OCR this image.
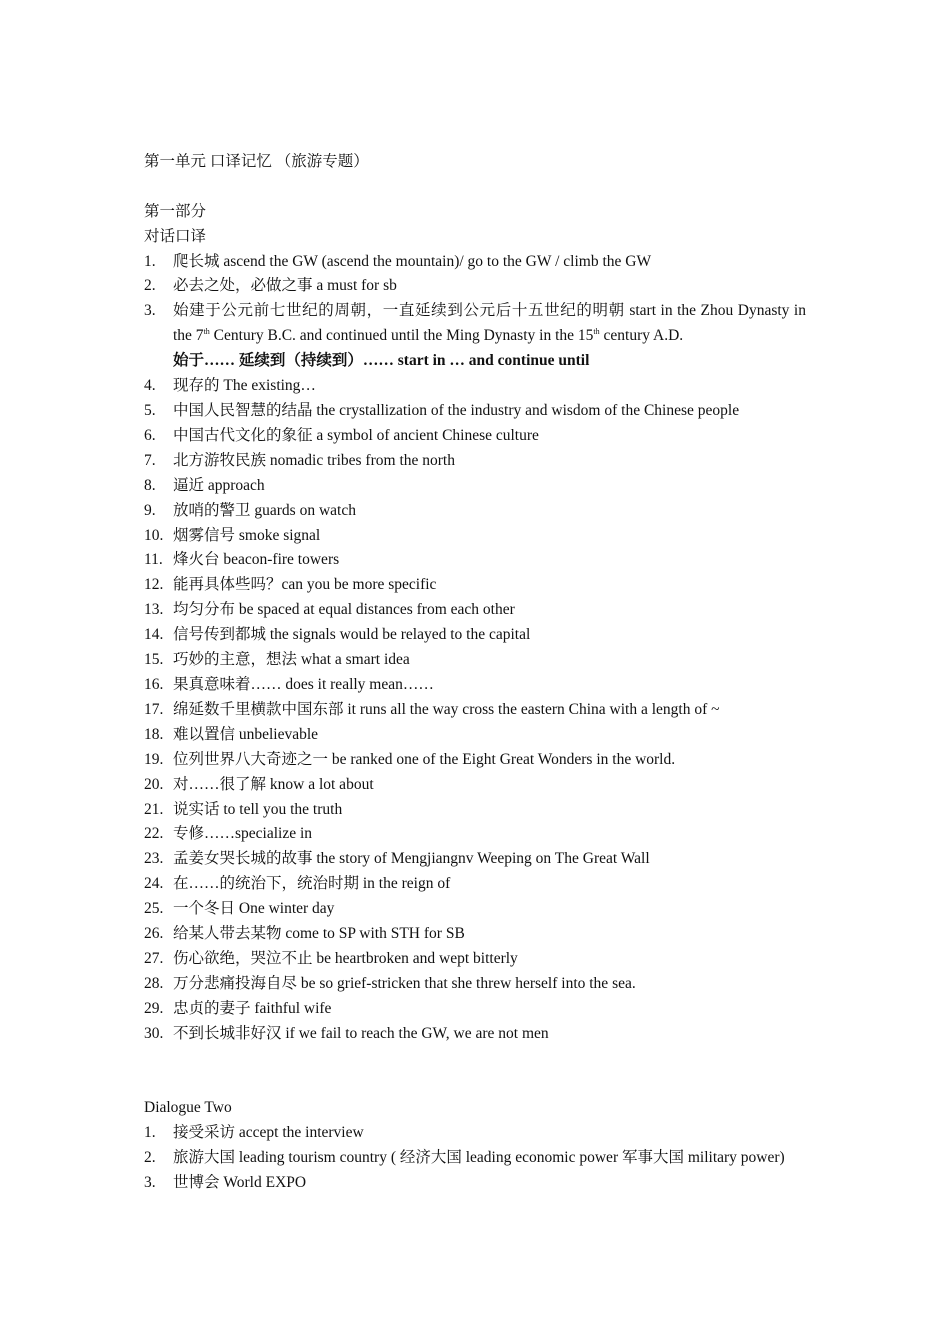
第一单元 口译记忆 （旅游专题）
第一部分
对话口译
1. 爬长城 ascend the GW (ascend the mountain)/ go to the GW / climb the GW
2. 必去之处，必做之事 a must for sb
3. 始建于公元前七世纪的周朝，一直延续到公元后十五世纪的明朝 start in the Zhou Dynasty in the 7th Century B.C. and continued until the Ming Dynasty in the 15th century A.D.
始于…… 延续到（持续到）…… start in … and continue until
4. 现存的 The existing…
5. 中国人民智慧的结晶 the crystallization of the industry and wisdom of the Chinese people
6. 中国古代文化的象征 a symbol of ancient Chinese culture
7. 北方游牧民族 nomadic tribes from the north
8. 逼近 approach
9. 放哨的警卫 guards on watch
10. 烟雾信号 smoke signal
11. 烽火台 beacon-fire towers
12. 能再具体些吗？can you be more specific
13. 均匀分布 be spaced at equal distances from each other
14. 信号传到都城 the signals would be relayed to the capital
15. 巧妙的主意，想法 what a smart idea
16. 果真意味着…… does it really mean……
17. 绵延数千里横款中国东部 it runs all the way cross the eastern China with a length of ~
18. 难以置信 unbelievable
19. 位列世界八大奇迹之一 be ranked one of the Eight Great Wonders in the world.
20. 对……很了解 know a lot about
21. 说实话 to tell you the truth
22. 专修……specialize in
23. 孟姜女哭长城的故事 the story of Mengjiangnv Weeping on The Great Wall
24. 在……的统治下，统治时期 in the reign of
25. 一个冬日 One winter day
26. 给某人带去某物 come to SP with STH for SB
27. 伤心欲绝，哭泣不止 be heartbroken and wept bitterly
28. 万分悲痛投海自尽 be so grief-stricken that she threw herself into the sea.
29. 忠贞的妻子 faithful wife
30. 不到长城非好汉 if we fail to reach the GW, we are not men
Dialogue Two
1. 接受采访 accept the interview
2. 旅游大国 leading tourism country ( 经济大国 leading economic power 军事大国 military power)
3. 世博会 World EXPO
